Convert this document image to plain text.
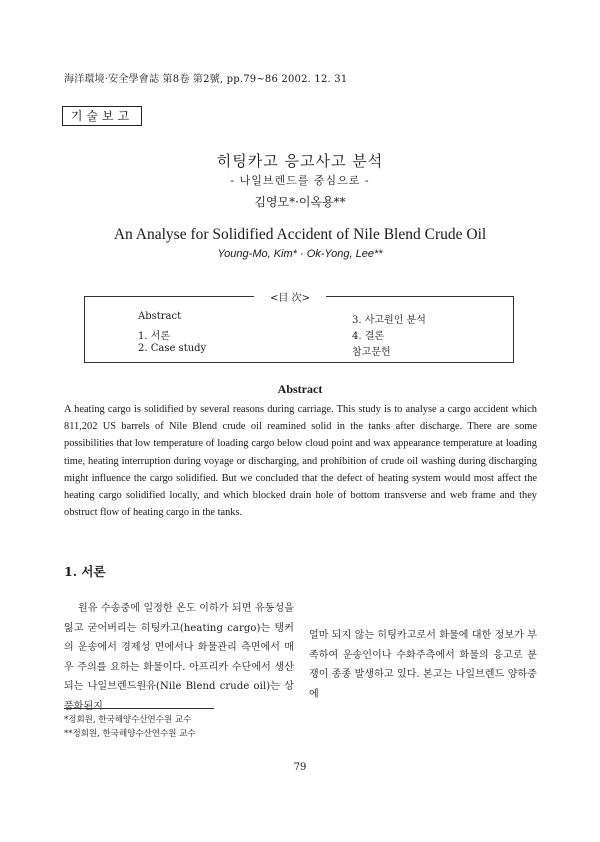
海洋環境·安全學會誌 第8卷 第2號, pp.79~86 2002. 12. 31
기술보고
히팅카고 응고사고 분석
- 나일브렌드를 중심으로 -
김영모*·이옥용**
An Analyse for Solidified Accident of Nile Blend Crude Oil
Young-Mo, Kim* · Ok-Yong, Lee**
<目 次>
Abstract
1. 서론
2. Case study
3. 사고원인 분석
4. 결론
참고문헌
Abstract
A heating cargo is solidified by several reasons during carriage. This study is to analyse a cargo accident which 811,202 US barrels of Nile Blend crude oil reamined solid in the tanks after discharge. There are some possibilities that low temperature of loading cargo below cloud point and wax appearance temperature at loading time, heating interruption during voyage or discharging, and prohibition of crude oil washing during discharging might influence the cargo solidified. But we concluded that the defect of heating system would most affect the heating cargo solidified locally, and which blocked drain hole of bottom transverse and web frame and they obstruct flow of heating cargo in the tanks.
1. 서론

원유 수송중에 일정한 온도 이하가 되면 유동성을 잃고 굳어버리는 히팅카고(heating cargo)는 탱커의 운송에서 경제성 면에서나 화물관리 측면에서 매우 주의를 요하는 화물이다. 아프리카 수단에서 생산되는 나일브렌드원유(Nile Blend crude oil)는 상품화된지

얼마 되지 않는 히팅카고로서 화물에 대한 정보가 부족하여 운송인이나 수화주측에서 화물의 응고로 분쟁이 종종 발생하고 있다. 본고는 나일브렌드 양하중에

*정회원, 한국해양수산연수원 교수
**정회원, 한국해양수산연수원 교수
79
